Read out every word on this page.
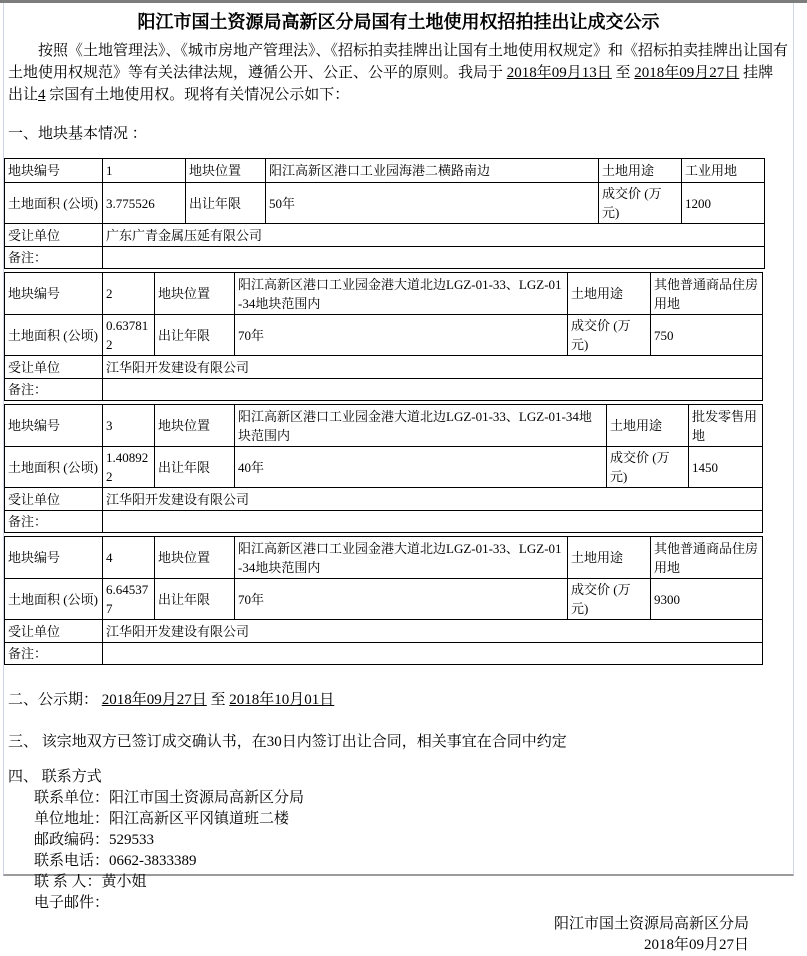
阳江市国土资源局高新区分局国有土地使用权招拍挂出让成交公示

按照《土地管理法》、《城市房地产管理法》、《招标拍卖挂牌出让国有土地使用权规定》和《招标拍卖挂牌出让国有土地使用权规范》等有关法律法规，遵循公开、公正、公平的原则。我局于 2018年09月13日 至 2018年09月27日 挂牌出让4 宗国有土地使用权。现将有关情况公示如下：

一、地块基本情况 ：
地块编号	1	地块位置	阳江高新区港口工业园海港二横路南边	土地用途	工业用地
土地面积 (公顷)	3.775526	出让年限	50年	成交价 (万元)	1200
受让单位	广东广青金属压延有限公司				
备注：					
地块编号	2	地块位置	阳江高新区港口工业园金港大道北边LGZ-01-33、LGZ-01-34地块范围内	土地用途	其他普通商品住房用地
土地面积 (公顷)	0.637812	出让年限	70年	成交价 (万元)	750
受让单位	江华阳开发建设有限公司				
备注：					
地块编号	3	地块位置	阳江高新区港口工业园金港大道北边LGZ-01-33、LGZ-01-34地块范围内	土地用途	批发零售用地
土地面积 (公顷)	1.408922	出让年限	40年	成交价 (万元)	1450
受让单位	江华阳开发建设有限公司				
备注：					
地块编号	4	地块位置	阳江高新区港口工业园金港大道北边LGZ-01-33、LGZ-01-34地块范围内	土地用途	其他普通商品住房用地
土地面积 (公顷)	6.645377	出让年限	70年	成交价 (万元)	9300
受让单位	江华阳开发建设有限公司				
备注：					
二、公示期： 2018年09月27日 至 2018年10月01日
三、 该宗地双方已签订成交确认书，在30日内签订出让合同，相关事宜在合同中约定
四、 联系方式
联系单位：阳江市国土资源局高新区分局
单位地址：阳江高新区平冈镇道班二楼
邮政编码：529533
联系电话：0662-3833389
联 系 人：黄小姐
电子邮件：
阳江市国土资源局高新区分局
2018年09月27日
